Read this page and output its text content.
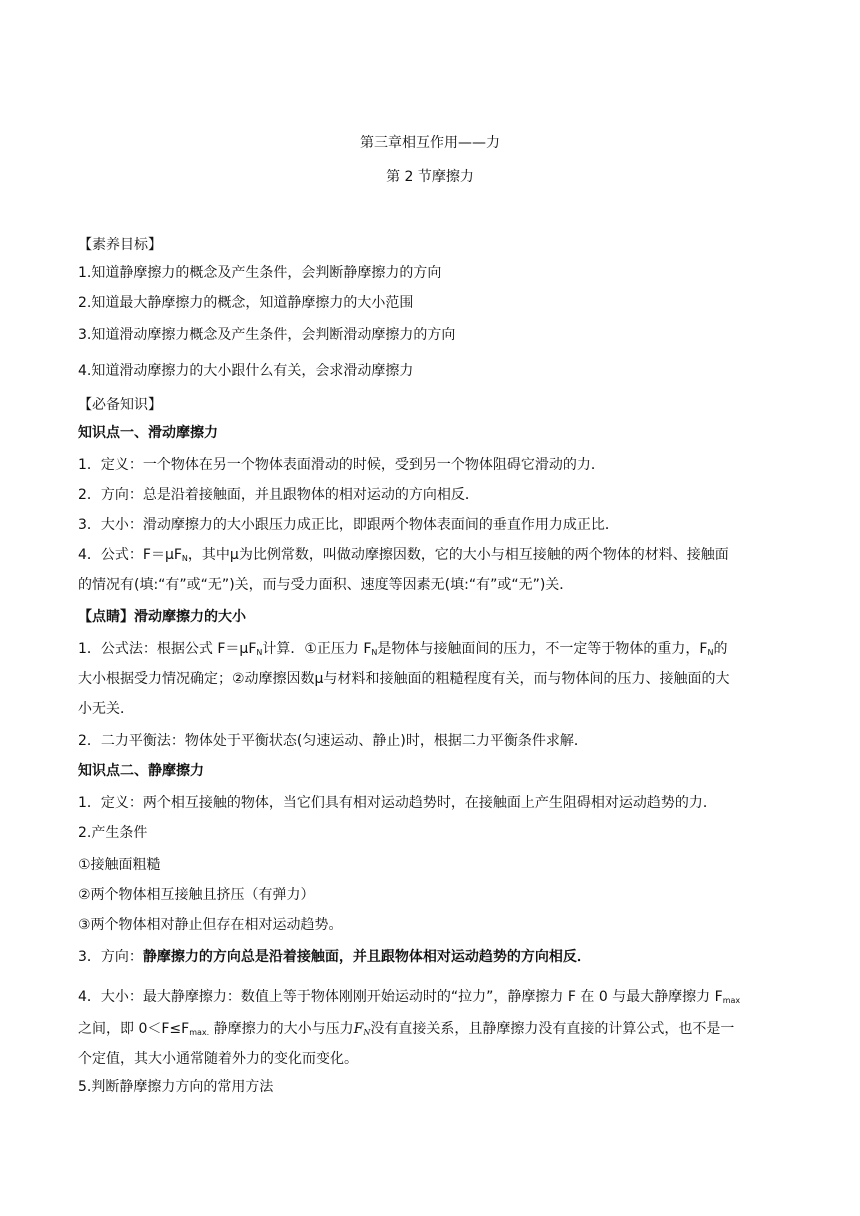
第三章相互作用——力
第 2 节摩擦力
【素养目标】
1.知道静摩擦力的概念及产生条件，会判断静摩擦力的方向
2.知道最大静摩擦力的概念，知道静摩擦力的大小范围
3.知道滑动摩擦力概念及产生条件，会判断滑动摩擦力的方向
4.知道滑动摩擦力的大小跟什么有关，会求滑动摩擦力
【必备知识】
知识点一、滑动摩擦力
1．定义：一个物体在另一个物体表面滑动的时候，受到另一个物体阻碍它滑动的力．
2．方向：总是沿着接触面，并且跟物体的相对运动的方向相反．
3．大小：滑动摩擦力的大小跟压力成正比，即跟两个物体表面间的垂直作用力成正比．
4．公式：$F=\mu F_N$，其中μ为比例常数，叫做动摩擦因数，它的大小与相互接触的两个物体的材料、接触面
的情况有(填:“有”或“无”)关，而与受力面积、速度等因素无(填:“有”或“无”)关．
【点睛】滑动摩擦力的大小
1．公式法：根据公式 $F=\mu F_N$计算．①正压力 $F_N$是物体与接触面间的压力，不一定等于物体的重力，$F_N$的
大小根据受力情况确定；②动摩擦因数μ与材料和接触面的粗糙程度有关，而与物体间的压力、接触面的大
小无关．
2．二力平衡法：物体处于平衡状态(匀速运动、静止)时，根据二力平衡条件求解．
知识点二、静摩擦力
1．定义：两个相互接触的物体，当它们具有相对运动趋势时，在接触面上产生阻碍相对运动趋势的力．
2.产生条件
①接触面粗糙
②两个物体相互接触且挤压（有弹力）
③两个物体相对静止但存在相对运动趋势。
3．方向：静摩擦力的方向总是沿着接触面，并且跟物体相对运动趋势的方向相反．
4．大小：最大静摩擦力：数值上等于物体刚刚开始运动时的“拉力”，静摩擦力 F 在 0 与最大静摩擦力 $F_{max}$
之间，即 $0<F\le F_{max.}$ 静摩擦力的大小与压力$F_N$没有直接关系，且静摩擦力没有直接的计算公式，也不是一
个定值，其大小通常随着外力的变化而变化。
5.判断静摩擦力方向的常用方法
